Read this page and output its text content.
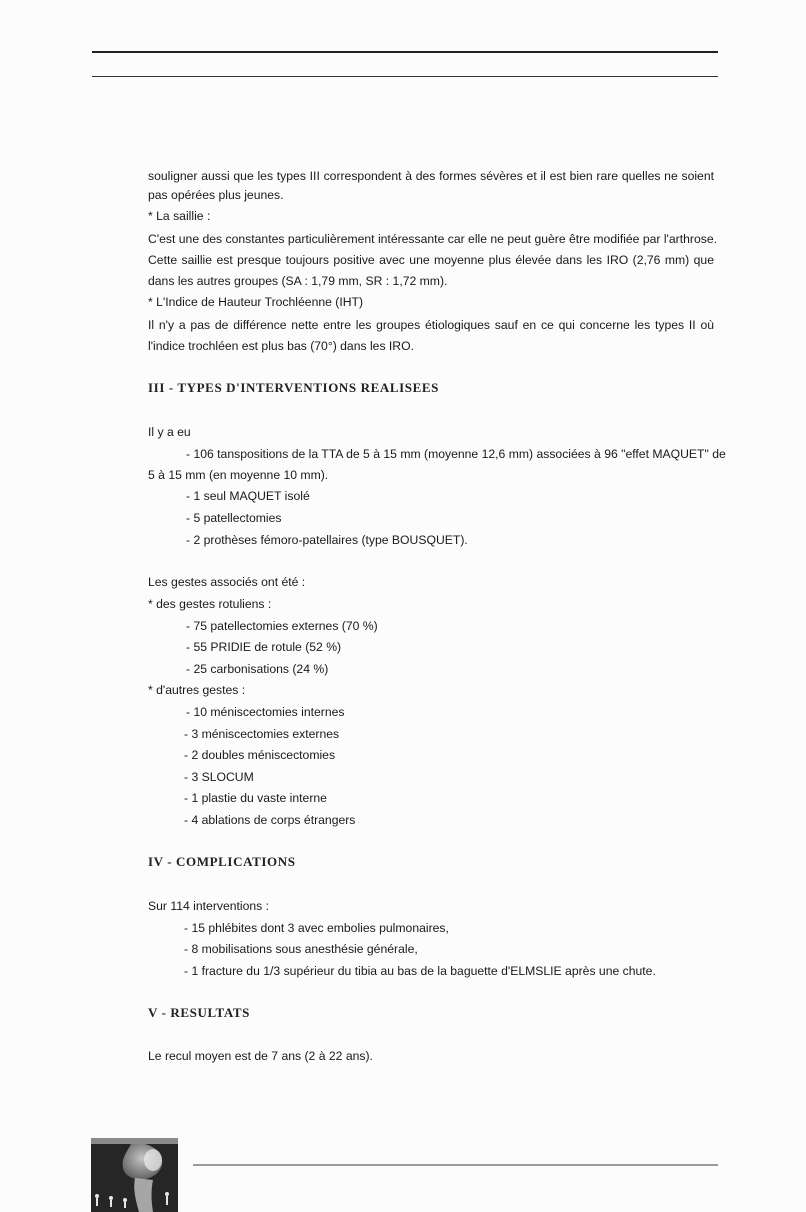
souligner aussi que les types III correspondent à des formes sévères et il est bien rare quelles ne soient
pas opérées plus jeunes.
* La saillie :
C'est une des constantes particulièrement intéressante car elle ne peut guère être modifiée par l'arthrose.
Cette saillie est presque toujours positive avec une moyenne plus élevée dans les IRO (2,76 mm) que
dans les autres groupes (SA : 1,79 mm, SR : 1,72 mm).
* L'Indice de Hauteur Trochléenne (IHT)
Il n'y a pas de différence nette entre les groupes étiologiques sauf en ce qui concerne les types II où
l'indice trochléen est plus bas (70°) dans les IRO.
III - TYPES D'INTERVENTIONS REALISEES
Il y a eu
- 106 tanspositions de la TTA de 5 à 15 mm (moyenne 12,6 mm) associées à 96 "effet MAQUET" de
5 à 15 mm (en moyenne 10 mm).
- 1 seul MAQUET isolé
- 5 patellectomies
- 2 prothèses fémoro-patellaires (type BOUSQUET).
Les gestes associés ont été :
* des gestes rotuliens :
- 75 patellectomies externes (70 %)
- 55 PRIDIE de rotule (52 %)
- 25 carbonisations (24 %)
* d'autres gestes :
- 10 méniscectomies internes
- 3 méniscectomies externes
- 2 doubles méniscectomies
- 3 SLOCUM
- 1 plastie du vaste interne
- 4 ablations de corps étrangers
IV - COMPLICATIONS
Sur 114 interventions :
- 15 phlébites dont 3 avec embolies pulmonaires,
- 8 mobilisations sous anesthésie générale,
- 1 fracture du 1/3 supérieur du tibia au bas de la baguette d'ELMSLIE après une chute.
V - RESULTATS
Le recul moyen est de 7 ans (2 à 22 ans).
